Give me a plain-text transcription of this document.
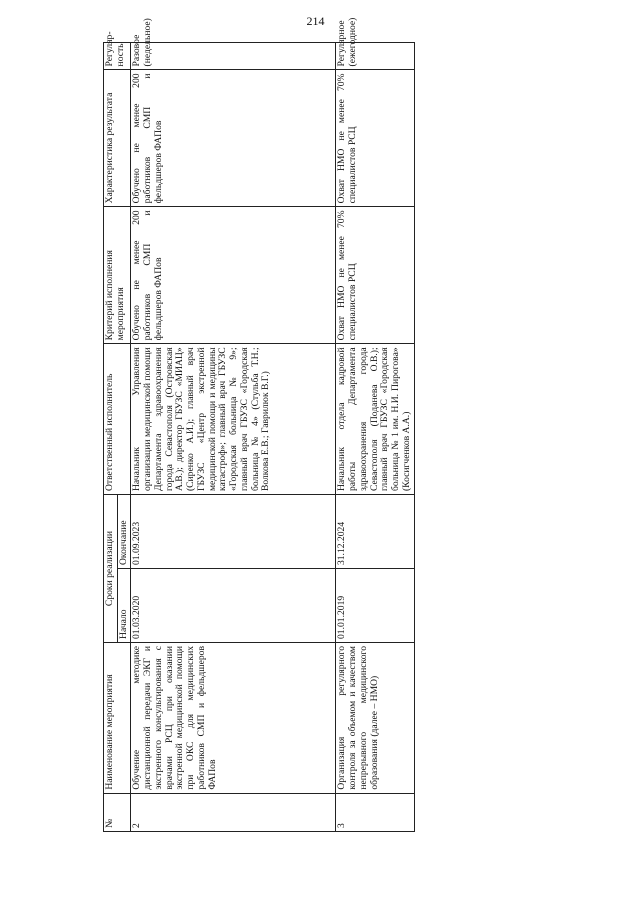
214
№	Наименование мероприятия	Сроки реализации		Ответственный исполнитель	Критерий исполнения мероприятия	Характеристика результата	Регуляр-ность
		Начало	Окончание				
2	Обучение методике дистанционной передачи ЭКГ и экстренного консультирования с врачами РСЦ при оказании экстренной медицинской помощи при ОКС для медицинских работников СМП и фельдшеров ФАПов	01.03.2020	01.09.2023	Начальник Управления организации медицинской помощи Департамента здравоохранения города Севастополя (Островская А.В.); директор ГБУЗС «МИАЦ» (Сиренко А.И.); главный врач ГБУЗС «Центр экстренной медицинской помощи и медицины катастроф»; главный врач ГБУЗС «Городская больница № 9»; главный врач ГБУЗС «Городская больница № 4» (Стульба Т.Н.; Волкова Е.В.; Гаврилюк В.Г.)	Обучено не менее 200 работников СМП и фельдшеров ФАПов	Обучено не менее 200 работников СМП и фельдшеров ФАПов	Разовое (недельное)
3	Организация регулярного контроля за объемом и качеством непрерывного медицинского образования (далее – НМО)	01.01.2019	31.12.2024	Начальник отдела кадровой работы Департамента здравоохранения города Севастополя (Поданева О.В.); главный врач ГБУЗС «Городская больница № 1 им. Н.И. Пирогова» (Косигченков А.А.)	Охват НМО не менее 70% специалистов РСЦ	Охват НМО не менее 70% специалистов РСЦ	Регулярное (ежегодное)
